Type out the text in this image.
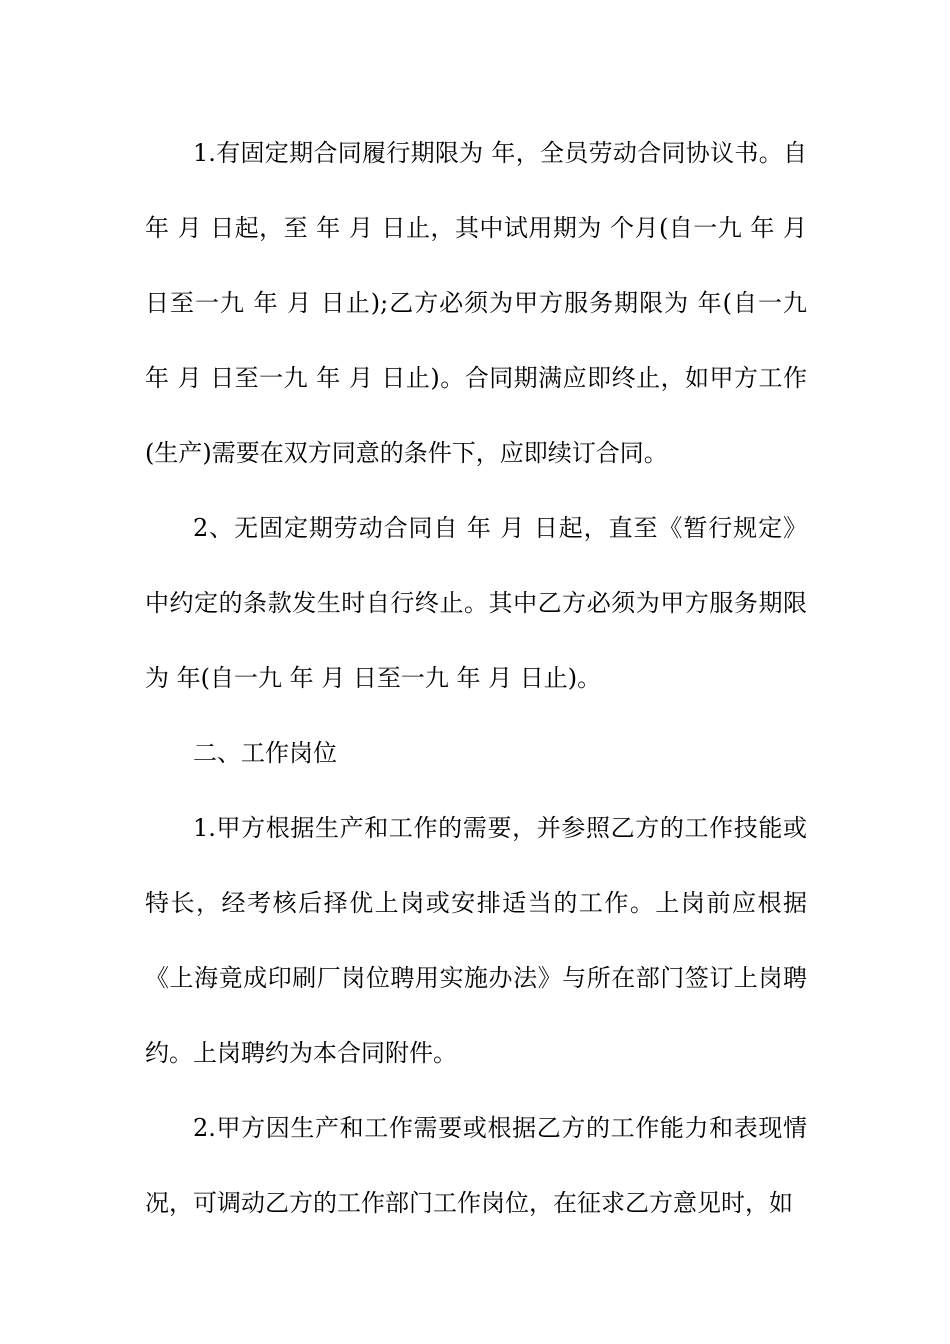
1.有固定期合同履行期限为 年，全员劳动合同协议书。自 年 月 日起，至 年 月 日止，其中试用期为 个月(自一九 年 月 日至一九 年 月 日止);乙方必须为甲方服务期限为 年(自一九 年 月 日至一九 年 月 日止)。合同期满应即终止，如甲方工作(生产)需要在双方同意的条件下，应即续订合同。

2、无固定期劳动合同自 年 月 日起，直至《暂行规定》中约定的条款发生时自行终止。其中乙方必须为甲方服务期限为 年(自一九 年 月 日至一九 年 月 日止)。

二、工作岗位

1.甲方根据生产和工作的需要，并参照乙方的工作技能或特长，经考核后择优上岗或安排适当的工作。上岗前应根据《上海竟成印刷厂岗位聘用实施办法》与所在部门签订上岗聘约。上岗聘约为本合同附件。

2.甲方因生产和工作需要或根据乙方的工作能力和表现情况，可调动乙方的工作部门工作岗位，在征求乙方意见时，如
